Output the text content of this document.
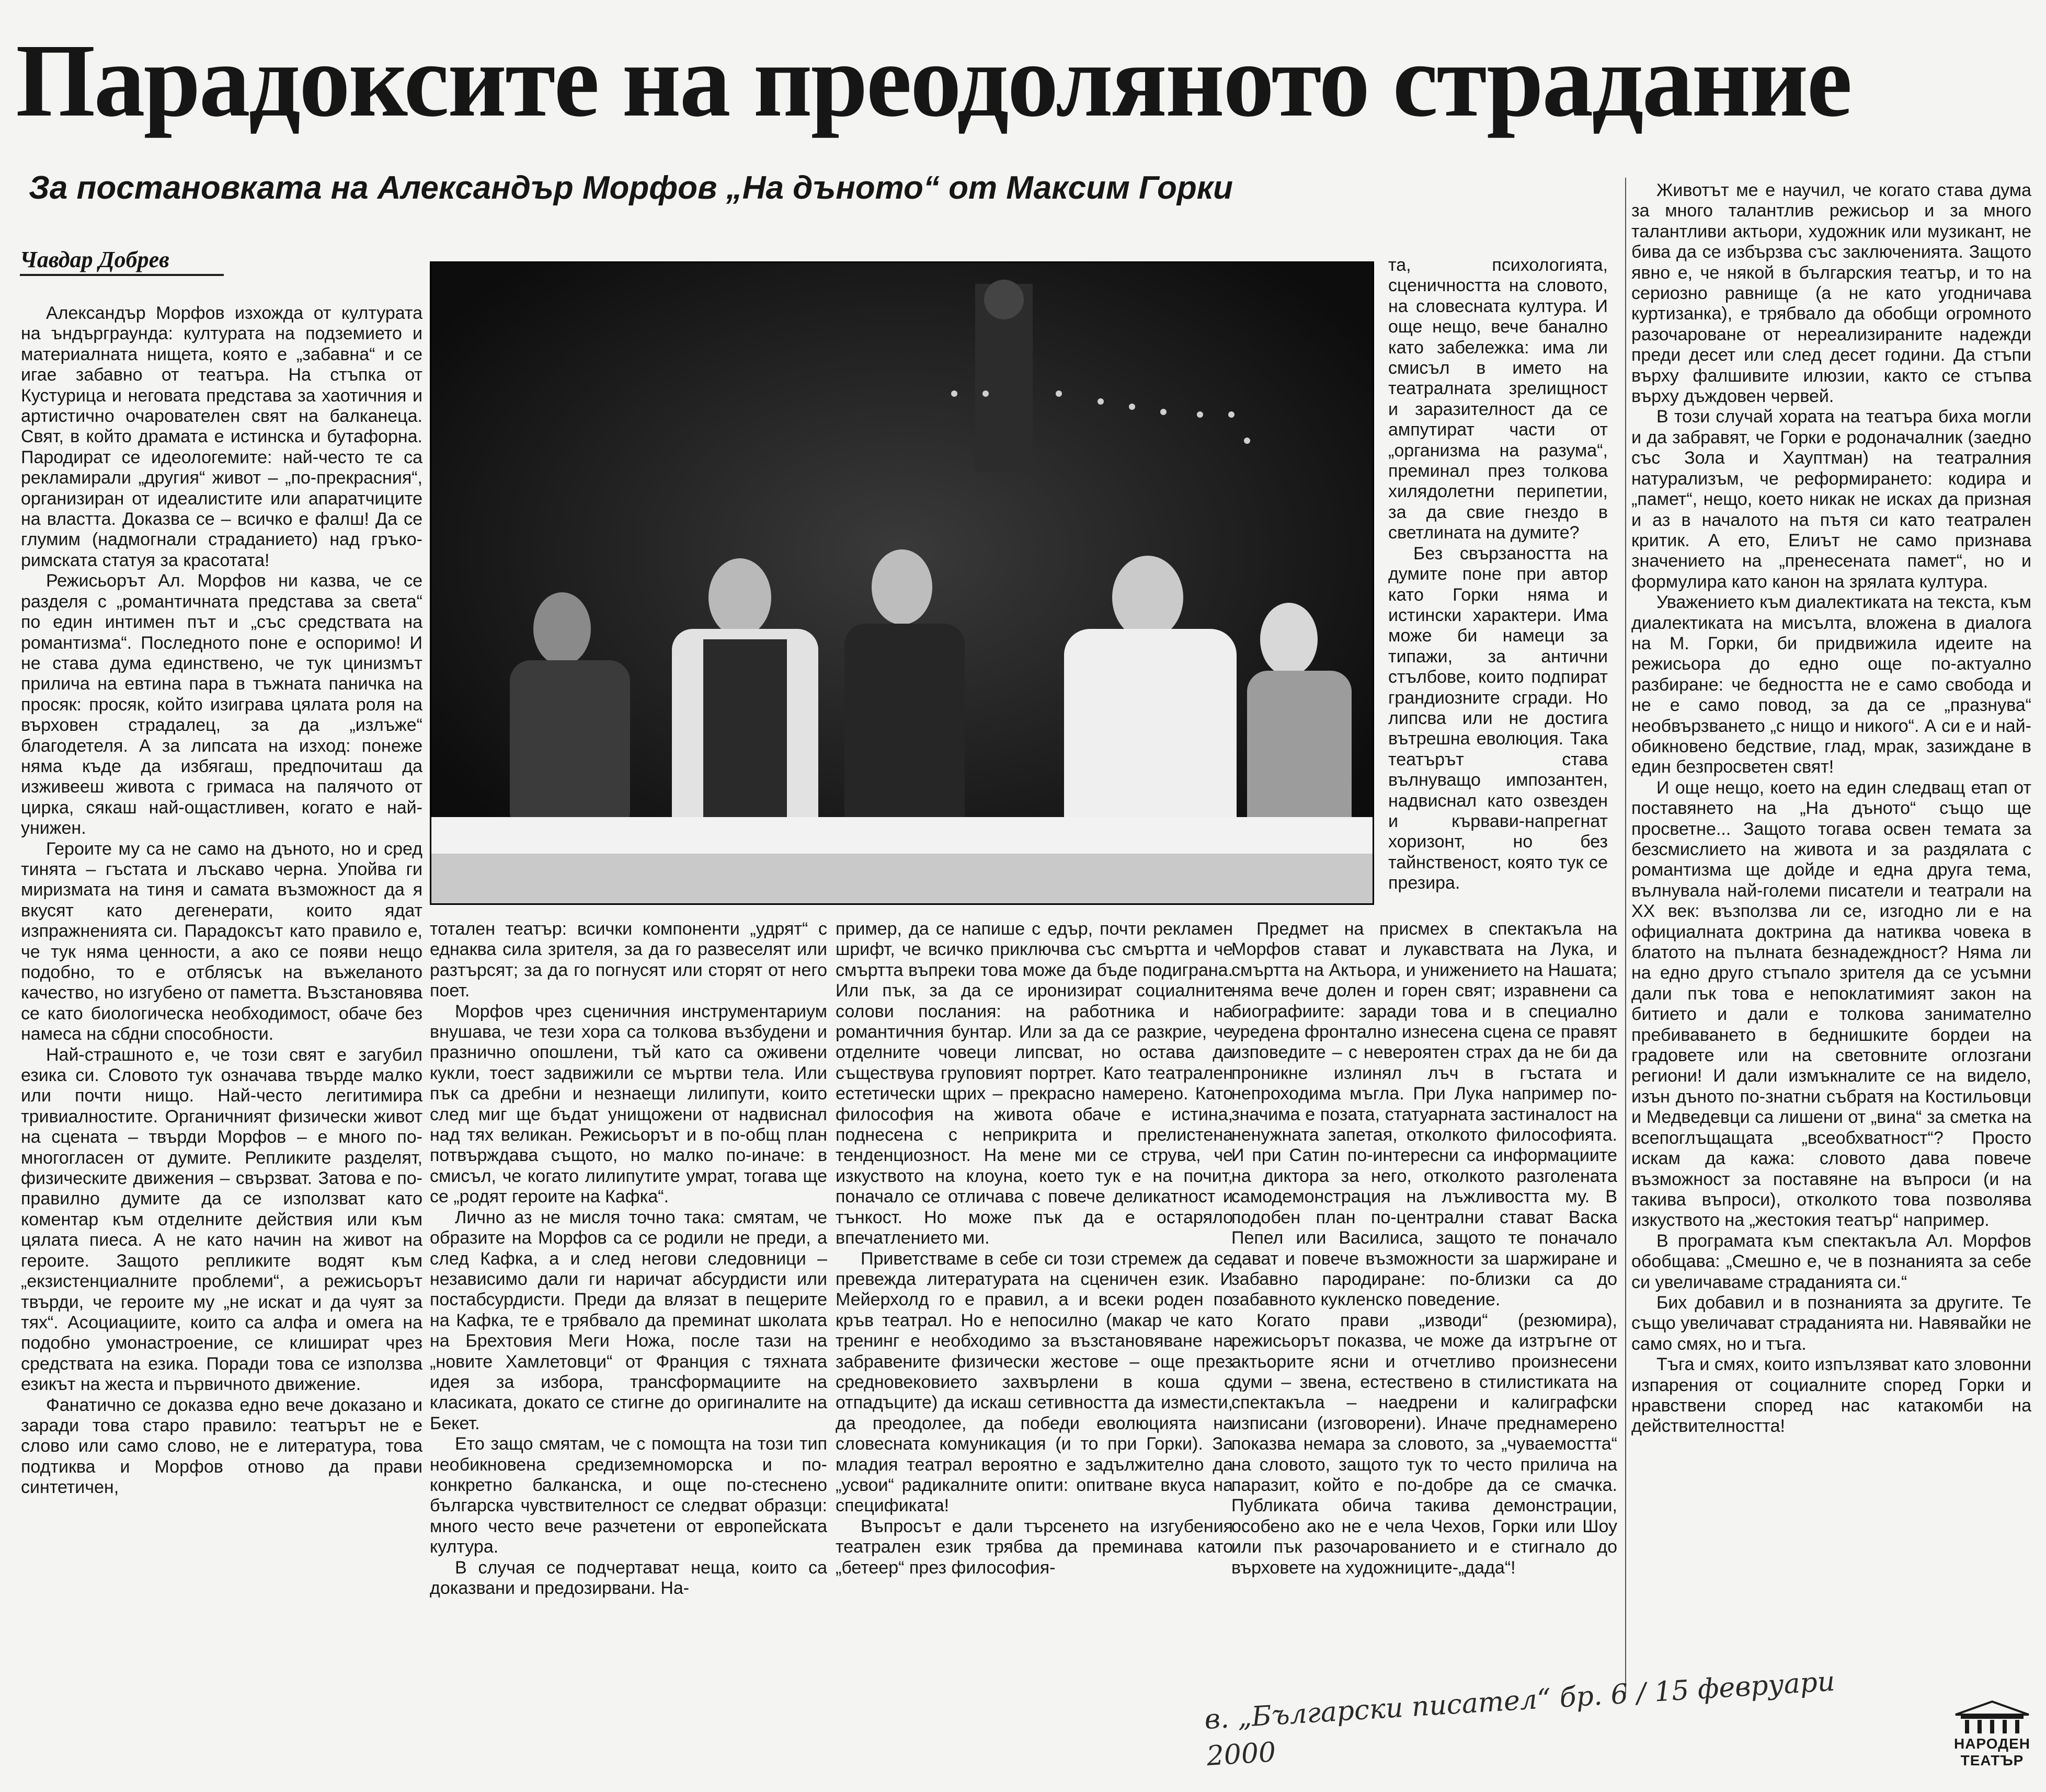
Парадоксите на преодоляното страдание
За постановката на Александър Морфов „На дъното“ от Максим Горки
Чавдар Добрев

Александър Морфов изхожда от културата на ъндърграунда: културата на подземието и материалната нищета, която е „забавна“ и се игае забавно от театъра. На стъпка от Кустурица и неговата представа за хаотичния и артистично очарователен свят на балканеца. Свят, в който драмата е истинска и бутафорна. Пародират се идеологемите: най-често те са рекламирали „другия“ живот – „по-прекрасния“, организиран от идеалистите или апаратчиците на властта. Доказва се – всичко е фалш! Да се глумим (надмогнали страданието) над гръко-римската статуя за красотата!

Режисьорът Ал. Морфов ни казва, че се разделя с „романтичната представа за света“ по един интимен път и „със средствата на романтизма“. Последното поне е оспоримо! И не става дума единствено, че тук цинизмът прилича на евтина пара в тъжната паничка на просяк: просяк, който изиграва цялата роля на върховен страдалец, за да „излъже“ благодетеля. А за липсата на изход: понеже няма къде да избягаш, предпочиташ да изживееш живота с гримаса на палячото от цирка, сякаш най-ощастливен, когато е най-унижен.

Героите му са не само на дъното, но и сред тинята – гъстата и лъскаво черна. Упойва ги миризмата на тиня и самата възможност да я вкусят като дегенерати, които ядат изпражненията си. Парадоксът като правило е, че тук няма ценности, а ако се появи нещо подобно, то е отблясък на въжеланото качество, но изгубено от паметта. Възстановява се като биологическа необходимост, обаче без намеса на сбдни способности.

Най-страшното е, че този свят е загубил езика си. Словото тук означава твърде малко или почти нищо. Най-често легитимира тривиалностите. Органичният физически живот на сцената – твърди Морфов – е много по-многогласен от думите. Репликите разделят, физическите движения – свързват. Затова е по-правилно думите да се използват като коментар към отделните действия или към цялата пиеса. А не като начин на живот на героите. Защото репликите водят към „екзистенциалните проблеми“, а режисьорът твърди, че героите му „не искат и да чуят за тях“. Асоциациите, които са алфа и омега на подобно умонастроение, се клишират чрез средствата на езика. Поради това се използва езикът на жеста и първичното движение.

Фанатично се доказва едно вече доказано и заради това старо правило: театърът не е слово или само слово, не е литература, това подтиква и Морфов отново да прави синтетичен,

тотален театър: всички компоненти „удрят“ с еднаква сила зрителя, за да го развеселят или разтърсят; за да го погнусят или сторят от него поет.

Морфов чрез сценичния инструментариум внушава, че тези хора са толкова възбудени и празнично опошлени, тъй като са оживени кукли, тоест задвижили се мъртви тела. Или пък са дребни и незнаещи лилипути, които след миг ще бъдат унищожени от надвиснал над тях великан. Режисьорът и в по-общ план потвърждава същото, но малко по-иначе: в смисъл, че когато лилипутите умрат, тогава ще се „родят героите на Кафка“.

Лично аз не мисля точно така: смятам, че образите на Морфов са се родили не преди, а след Кафка, а и след негови следовници – независимо дали ги наричат абсурдисти или постабсурдисти. Преди да влязат в пещерите на Кафка, те е трябвало да преминат школата на Брехтовия Меги Ножа, после тази на „новите Хамлетовци“ от Франция с тяхната идея за избора, трансформациите на класиката, докато се стигне до оригиналите на Бекет.

Ето защо смятам, че с помощта на този тип необикновена средиземноморска и по-конкретно балканска, и още по-стеснено българска чувствителност се следват образци: много често вече разчетени от европейската култура.

В случая се подчертават неща, които са доказвани и предозирвани. На-

пример, да се напише с едър, почти рекламен шрифт, че всичко приключва със смъртта и че смъртта въпреки това може да бъде подиграна. Или пък, за да се иронизират социалните солови послания: на работника и на романтичния бунтар. Или за да се разкрие, че отделните човеци липсват, но остава да съществува груповият портрет. Като театрален естетически щрих – прекрасно намерено. Като философия на живота обаче е истина, поднесена с неприкрита и прелистена тенденциозност. На мене ми се струва, че изкуството на клоуна, което тук е на почит, поначало се отличава с повече деликатност и тънкост. Но може пък да е остаряло впечатлението ми.

Приветстваме в себе си този стремеж да се превежда литературата на сценичен език. И Мейерхолд го е правил, а и всеки роден по кръв театрал. Но е непосилно (макар че като тренинг е необходимо за възстановяване на забравените физически жестове – още през средновековието захвърлени в коша с отпадъците) да искаш сетивността да измести, да преодолее, да победи еволюцията на словесната комуникация (и то при Горки). За младия театрал вероятно е задължително да „усвои“ радикалните опити: опитване вкуса на спецификата!

Въпросът е дали търсенето на изгубения театрален език трябва да преминава като „бетеер“ през философия-

та, психологията, сценичността на словото, на словесната култура. И още нещо, вече банално като забележка: има ли смисъл в името на театралната зрелищност и заразителност да се ампутират части от „организма на разума“, преминал през толкова хилядолетни перипетии, за да свие гнездо в светлината на думите?

Без свързаността на думите поне при автор като Горки няма и истински характери. Има може би намеци за типажи, за антични стълбове, които подпират грандиозните сгради. Но липсва или не достига вътрешна еволюция. Така театърът става вълнуващо импозантен, надвиснал като озвезден и кървави-напрегнат хоризонт, но без тайнственост, която тук се презира.

Предмет на присмех в спектакъла на Морфов стават и лукавствата на Лука, и смъртта на Актьора, и унижението на Нашата; няма вече долен и горен свят; изравнени са биографиите: заради това и в специално уредена фронтално изнесена сцена се правят изповедите – с невероятен страх да не би да проникне излинял лъч в гъстата и непроходима мъгла. При Лука например по-значима е позата, статуарната застиналост на ненужната запетая, отколкото философията. И при Сатин по-интересни са информациите на диктора за него, отколкото разголената самодемонстрация на лъжливостта му. В подобен план по-централни стават Васка Пепел или Василиса, защото те поначало дават и повече възможности за шаржиране и забавно пародиране: по-близки са до забавното кукленско поведение.

Когато прави „изводи“ (резюмира), режисьорът показва, че може да изтръгне от актьорите ясни и отчетливо произнесени думи – звена, естествено в стилистиката на спектакъла – наедрени и калиграфски изписани (изговорени). Иначе преднамерено показва немара за словото, за „чуваемостта“ на словото, защото тук то често прилича на паразит, който е по-добре да се смачка. Публиката обича такива демонстрации, особено ако не е чела Чехов, Горки или Шоу или пък разочарованието и е стигнало до върховете на художниците-„дада“!

Животът ме е научил, че когато става дума за много талантлив режисьор и за много талантливи актьори, художник или музикант, не бива да се избързва със заключенията. Защото явно е, че някой в българския театър, и то на сериозно равнище (а не като угодничава куртизанка), е трябвало да обобщи огромното разочароване от нереализираните надежди преди десет или след десет години. Да стъпи върху фалшивите илюзии, както се стъпва върху дъждовен червей.

В този случай хората на театъра биха могли и да забравят, че Горки е родоначалник (заедно със Зола и Хауптман) на театралния натурализъм, че реформирането: кодира и „памет“, нещо, което никак не исках да призная и аз в началото на пътя си като театрален критик. А ето, Елиът не само признава значението на „пренесената памет“, но и формулира като канон на зрялата култура.

Уважението към диалектиката на текста, към диалектиката на мисълта, вложена в диалога на М. Горки, би придвижила идеите на режисьора до едно още по-актуално разбиране: че бедността не е само свобода и не е само повод, за да се „празнува“ необвързването „с нищо и никого“. А си е и най-обикновено бедствие, глад, мрак, зазиждане в един безпросветен свят!

И още нещо, което на един следващ етап от поставянето на „На дъното“ също ще просветне... Защото тогава освен темата за безсмислието на живота и за раздялата с романтизма ще дойде и една друга тема, вълнувала най-големи писатели и театрали на XX век: възползва ли се, изгодно ли е на официалната доктрина да натиква човека в блатото на пълната безнадеждност? Няма ли на едно друго стъпало зрителя да се усъмни дали пък това е непоклатимият закон на битието и дали е толкова занимателно пребиваването в беднишките бордеи на градовете или на световните оглозгани региони! И дали измъкналите се на видело, изън дъното по-знатни събратя на Костильовци и Медведевци са лишени от „вина“ за сметка на всепоглъщащата „всеобхватност“? Просто искам да кажа: словото дава повече възможност за поставяне на въпроси (и на такива въпроси), отколкото това позволява изкуството на „жестокия театър“ например.

В програмата към спектакъла Ал. Морфов обобщава: „Смешно е, че в познанията за себе си увеличаваме страданията си.“

Бих добавил и в познанията за другите. Те също увеличават страданията ни. Навявайки не само смях, но и тъга.

Тъга и смях, които изпълзяват като зловонни изпарения от социалните според Горки и нравствени според нас катакомби на действителността!

в. „Български писател“ бр. 6 / 15 февруари 2000	НАРОДЕН
ТЕАТЪР
